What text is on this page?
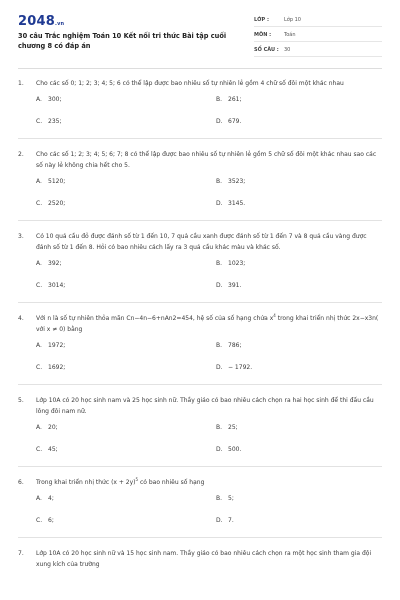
2048.vn
30 câu Trắc nghiệm Toán 10 Kết nối tri thức Bài tập cuối chương 8 có đáp án
LỚP :	Lớp 10
MÔN :	Toán
SỐ CÂU :	30
1.	Cho các số 0; 1; 2; 3; 4; 5; 6 có thể lập được bao nhiêu số tự nhiên lẻ gồm 4 chữ số đôi một khác nhau
A. 300;	B. 261;
C. 235;	D. 679.
2.	Cho các số 1; 2; 3; 4; 5; 6; 7; 8 có thể lập được bao nhiêu số tự nhiên lẻ gồm 5 chữ số đôi một khác nhau sao các số này lẻ không chia hết cho 5.
A. 5120;	B. 3523;
C. 2520;	D. 3145.
3.	Có 10 quả cầu đỏ được đánh số từ 1 đến 10, 7 quả cầu xanh được đánh số từ 1 đến 7 và 8 quả cầu vàng được đánh số từ 1 đến 8. Hỏi có bao nhiêu cách lấy ra 3 quả cầu khác màu và khác số.
A. 392;	B. 1023;
C. 3014;	D. 391.
4.	Với n là số tự nhiên thỏa mãn Cn−4n−6+nAn2=454, hệ số của số hạng chứa $x^4$ trong khai triển nhị thức 2x−x3n( với x ≠ 0) bằng
A. 1972;	B. 786;
C. 1692;	D. − 1792.
5.	Lớp 10A có 20 học sinh nam và 25 học sinh nữ. Thầy giáo có bao nhiêu cách chọn ra hai học sinh để thi đấu cầu lông đôi nam nữ.
A. 20;	B. 25;
C. 45;	D. 500.
6.	Trong khai triển nhị thức $(x + 2y)^5$ có bao nhiêu số hạng
A. 4;	B. 5;
C. 6;	D. 7.
7.	Lớp 10A có 20 học sinh nữ và 15 học sinh nam. Thầy giáo có bao nhiêu cách chọn ra một học sinh tham gia đội xung kích của trường
